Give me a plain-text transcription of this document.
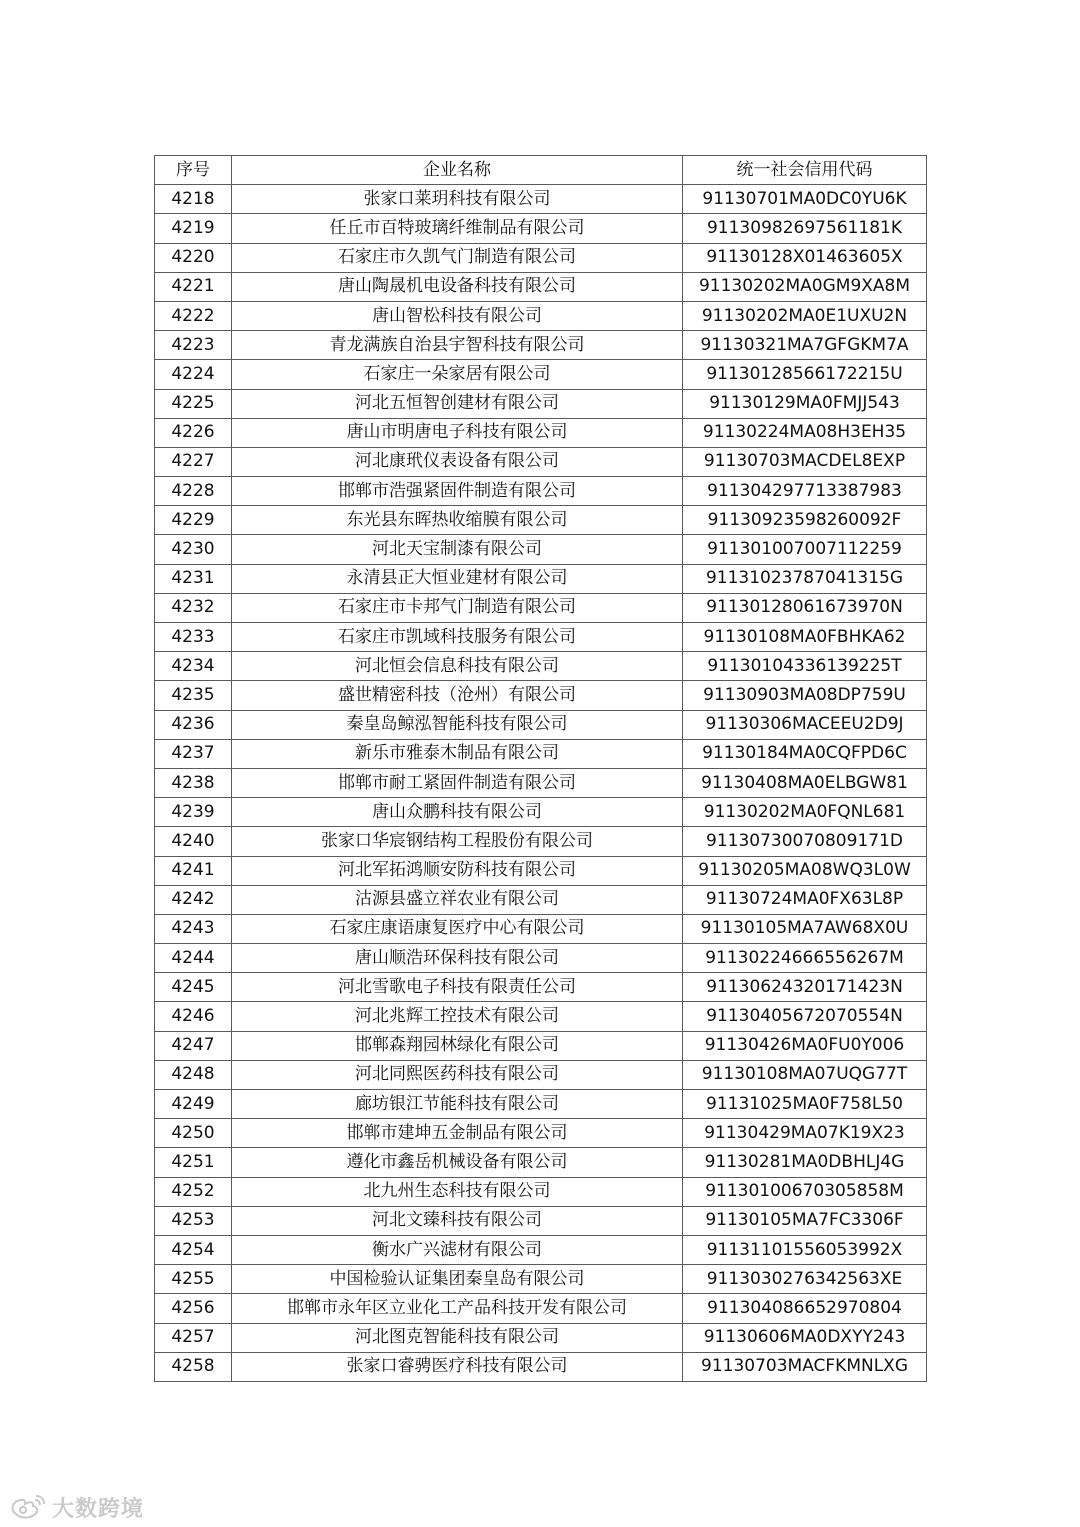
序号	企业名称	统一社会信用代码
4218	张家口莱玥科技有限公司	91130701MA0DC0YU6K
4219	任丘市百特玻璃纤维制品有限公司	9113098269756​1181K
4220	石家庄市久凯气门制造有限公司	91130128X01463605X
4221	唐山陶晟机电设备科技有限公司	91130202MA0GM9XA8M
4222	唐山智松科技有限公司	91130202MA0E1UXU2N
4223	青龙满族自治县宇智科技有限公司	91130321MA7GFGKM7A
4224	石家庄一朵家居有限公司	91130128566172215U
4225	河北五恒智创建材有限公司	91130129MA0FMJJ543
4226	唐山市明唐电子科技有限公司	91130224MA08H3EH35
4227	河北康玳仪表设备有限公司	91130703MACDEL8EXP
4228	邯郸市浩强紧固件制造有限公司	911304297713387983
4229	东光县东晖热收缩膜有限公司	91130923598260092F
4230	河北天宝制漆有限公司	911301007007112259
4231	永清县正大恒业建材有限公司	91131023787041315G
4232	石家庄市卡邦气门制造有限公司	91130128061673970N
4233	石家庄市凯域科技服务有限公司	91130108MA0FBHKA62
4234	河北恒会信息科技有限公司	91130104336139225T
4235	盛世精密科技（沧州）有限公司	91130903MA08DP759U
4236	秦皇岛鲸泓智能科技有限公司	91130306MACEEU2D9J
4237	新乐市雅泰木制品有限公司	91130184MA0CQFPD6C
4238	邯郸市耐工紧固件制造有限公司	91130408MA0ELBGW81
4239	唐山众鹏科技有限公司	91130202MA0FQNL681
4240	张家口华宸钢结构工程股份有限公司	91130730070809171D
4241	河北军拓鸿顺安防科技有限公司	91130205MA08WQ3L0W
4242	沽源县盛立祥农业有限公司	91130724MA0FX63L8P
4243	石家庄康语康复医疗中心有限公司	91130105MA7AW68X0U
4244	唐山顺浩环保科技有限公司	91130224666556267M
4245	河北雪歌电子科技有限责任公司	91130624320171423N
4246	河北兆辉工控技术有限公司	91130405672070554N
4247	邯郸森翔园林绿化有限公司	91130426MA0FU0Y006
4248	河北同熙医药科技有限公司	91130108MA07UQG77T
4249	廊坊银江节能科技有限公司	91131025MA0F758L50
4250	邯郸市建坤五金制品有限公司	91130429MA07K19X23
4251	遵化市鑫岳机械设备有限公司	91130281MA0DBHLJ4G
4252	北九州生态科技有限公司	91130100670305858M
4253	河北文臻科技有限公司	91130105MA7FC3306F
4254	衡水广兴滤材有限公司	91131101556053992X
4255	中国检验认证集团秦皇岛有限公司	9113030276342563XE
4256	邯郸市永年区立业化工产品科技开发有限公司	911304086652970804
4257	河北图克智能科技有限公司	91130606MA0DXYY243
4258	张家口睿骋医疗科技有限公司	91130703MACFKMNLXG
大数跨境
